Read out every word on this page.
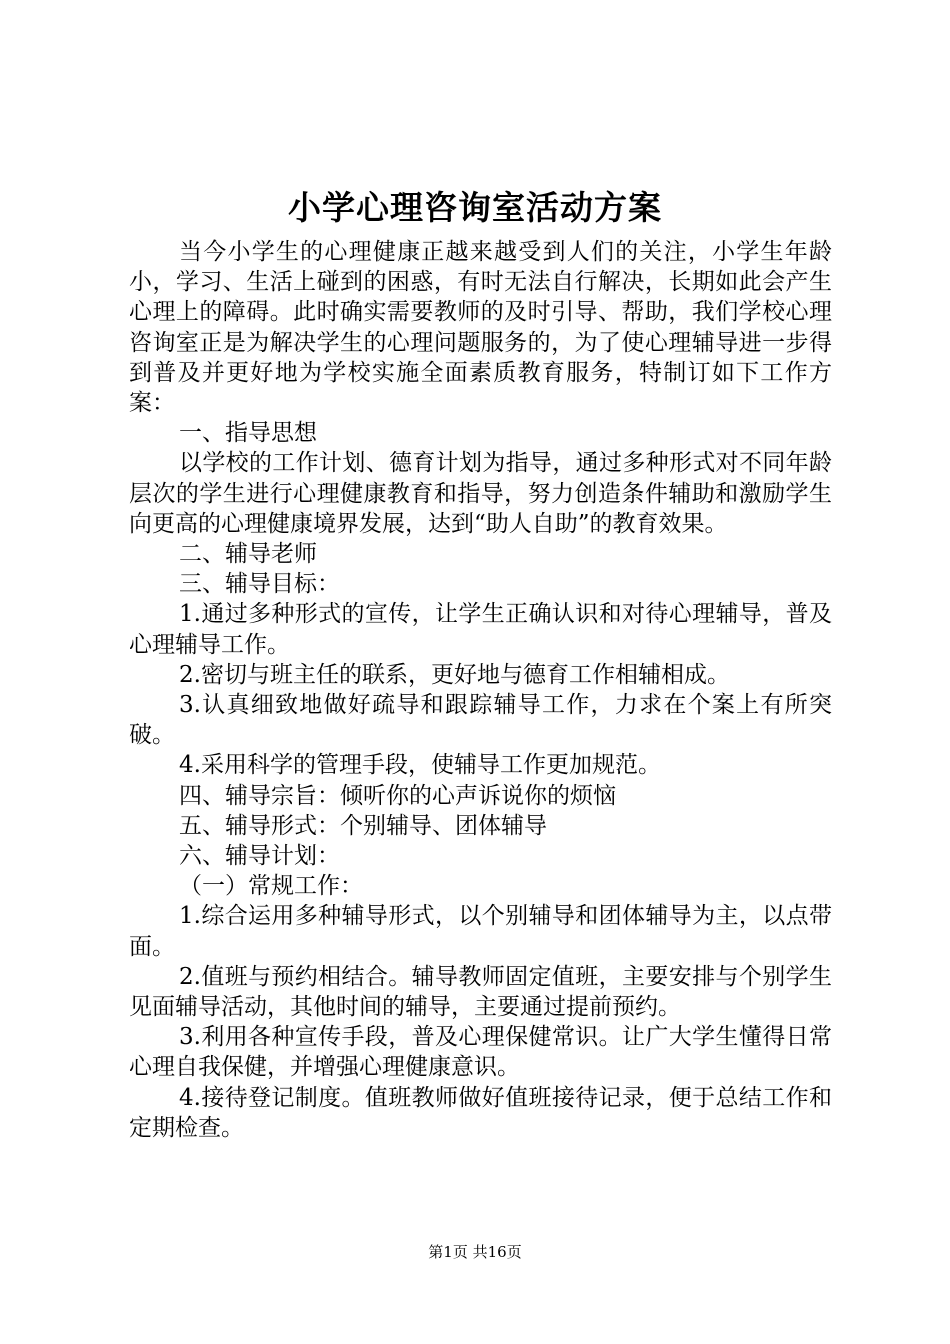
小学心理咨询室活动方案

当今小学生的心理健康正越来越受到人们的关注，小学生年龄小，学习、生活上碰到的困惑，有时无法自行解决，长期如此会产生心理上的障碍。此时确实需要教师的及时引导、帮助，我们学校心理咨询室正是为解决学生的心理问题服务的，为了使心理辅导进一步得到普及并更好地为学校实施全面素质教育服务，特制订如下工作方案：

一、指导思想

以学校的工作计划、德育计划为指导，通过多种形式对不同年龄层次的学生进行心理健康教育和指导，努力创造条件辅助和激励学生向更高的心理健康境界发展，达到“助人自助”的教育效果。

二、辅导老师

三、辅导目标：

1.通过多种形式的宣传，让学生正确认识和对待心理辅导，普及心理辅导工作。

2.密切与班主任的联系，更好地与德育工作相辅相成。

3.认真细致地做好疏导和跟踪辅导工作，力求在个案上有所突破。

4.采用科学的管理手段，使辅导工作更加规范。

四、辅导宗旨：倾听你的心声诉说你的烦恼

五、辅导形式：个别辅导、团体辅导

六、辅导计划：

（一）常规工作：

1.综合运用多种辅导形式，以个别辅导和团体辅导为主，以点带面。

2.值班与预约相结合。辅导教师固定值班，主要安排与个别学生见面辅导活动，其他时间的辅导，主要通过提前预约。

3.利用各种宣传手段，普及心理保健常识。让广大学生懂得日常心理自我保健，并增强心理健康意识。

4.接待登记制度。值班教师做好值班接待记录，便于总结工作和定期检查。

第1页 共16页
